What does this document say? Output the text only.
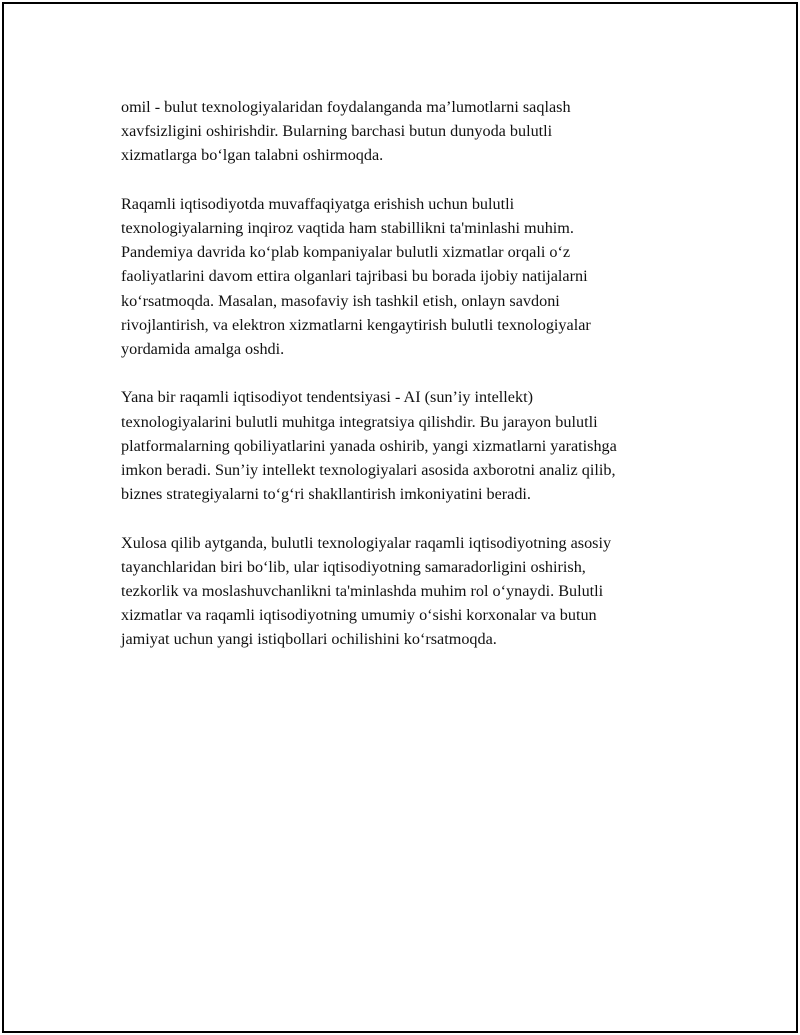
omil - bulut texnologiyalaridan foydalanganda ma’lumotlarni saqlash
xavfsizligini oshirishdir. Bularning barchasi butun dunyoda bulutli
xizmatlarga bo‘lgan talabni oshirmoqda.

Raqamli iqtisodiyotda muvaffaqiyatga erishish uchun bulutli
texnologiyalarning inqiroz vaqtida ham stabillikni ta'minlashi muhim.
Pandemiya davrida ko‘plab kompaniyalar bulutli xizmatlar orqali o‘z
faoliyatlarini davom ettira olganlari tajribasi bu borada ijobiy natijalarni
ko‘rsatmoqda. Masalan, masofaviy ish tashkil etish, onlayn savdoni
rivojlantirish, va elektron xizmatlarni kengaytirish bulutli texnologiyalar
yordamida amalga oshdi.

Yana bir raqamli iqtisodiyot tendentsiyasi - AI (sun’iy intellekt)
texnologiyalarini bulutli muhitga integratsiya qilishdir. Bu jarayon bulutli
platformalarning qobiliyatlarini yanada oshirib, yangi xizmatlarni yaratishga
imkon beradi. Sun’iy intellekt texnologiyalari asosida axborotni analiz qilib,
biznes strategiyalarni to‘g‘ri shakllantirish imkoniyatini beradi.

Xulosa qilib aytganda, bulutli texnologiyalar raqamli iqtisodiyotning asosiy
tayanchlaridan biri bo‘lib, ular iqtisodiyotning samaradorligini oshirish,
tezkorlik va moslashuvchanlikni ta'minlashda muhim rol o‘ynaydi. Bulutli
xizmatlar va raqamli iqtisodiyotning umumiy o‘sishi korxonalar va butun
jamiyat uchun yangi istiqbollari ochilishini ko‘rsatmoqda.
